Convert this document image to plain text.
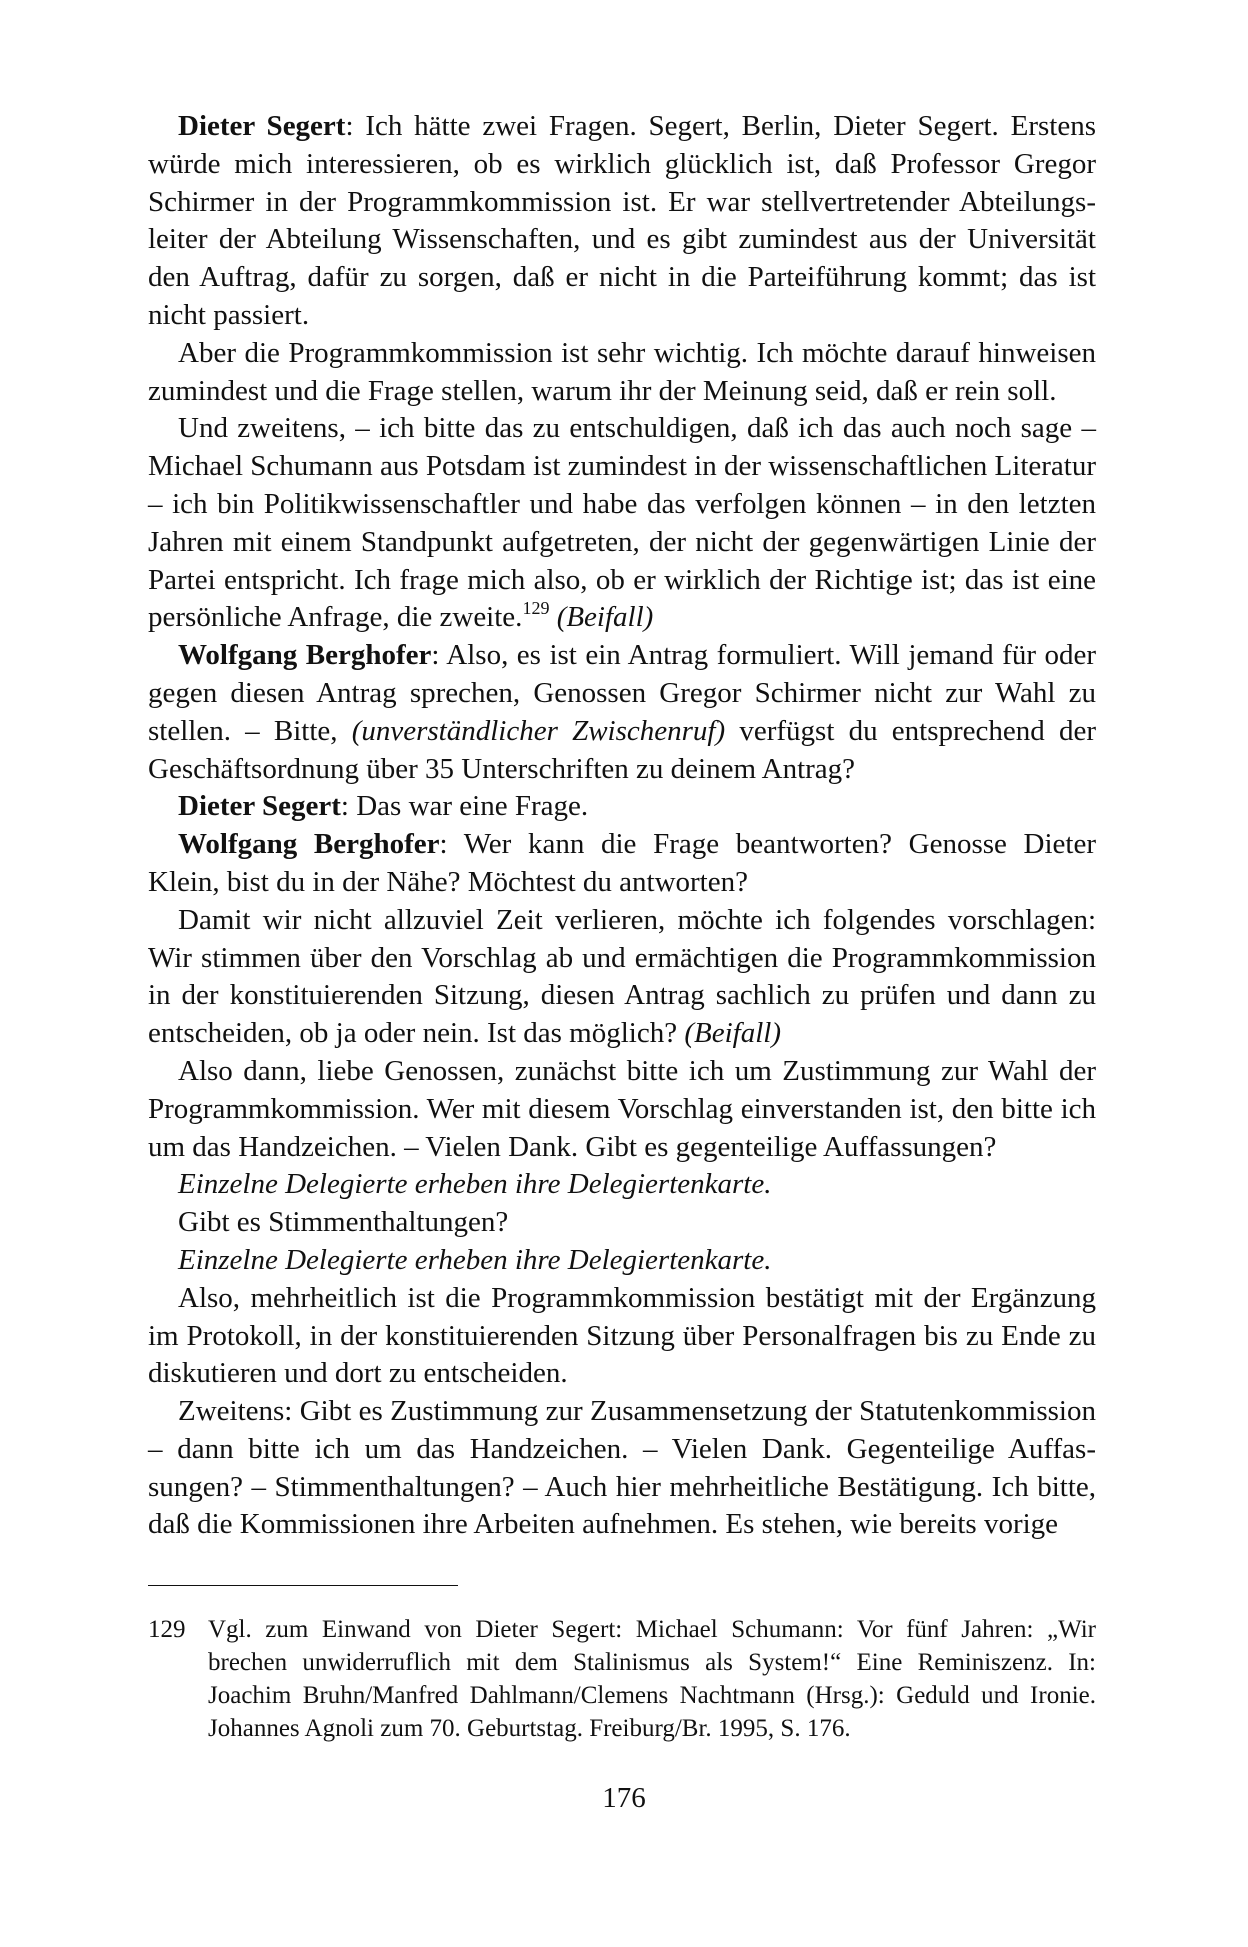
Dieter Segert: Ich hätte zwei Fragen. Segert, Berlin, Dieter Segert. Erstens würde mich interessieren, ob es wirklich glücklich ist, daß Professor Gregor Schirmer in der Programmkommission ist. Er war stellvertretender Abteilungsleiter der Abteilung Wissenschaften, und es gibt zumindest aus der Universität den Auftrag, dafür zu sorgen, daß er nicht in die Parteiführung kommt; das ist nicht passiert.

Aber die Programmkommission ist sehr wichtig. Ich möchte darauf hinweisen zumindest und die Frage stellen, warum ihr der Meinung seid, daß er rein soll.

Und zweitens, – ich bitte das zu entschuldigen, daß ich das auch noch sage – Michael Schumann aus Potsdam ist zumindest in der wissenschaftlichen Literatur – ich bin Politikwissenschaftler und habe das verfolgen können – in den letzten Jahren mit einem Standpunkt aufgetreten, der nicht der gegenwärtigen Linie der Partei entspricht. Ich frage mich also, ob er wirklich der Richtige ist; das ist eine persönliche Anfrage, die zweite.$^{129}$ (Beifall)

Wolfgang Berghofer: Also, es ist ein Antrag formuliert. Will jemand für oder gegen diesen Antrag sprechen, Genossen Gregor Schirmer nicht zur Wahl zu stellen. – Bitte, (unverständlicher Zwischenruf) verfügst du entsprechend der Geschäftsordnung über 35 Unterschriften zu deinem Antrag?

Dieter Segert: Das war eine Frage.

Wolfgang Berghofer: Wer kann die Frage beantworten? Genosse Dieter Klein, bist du in der Nähe? Möchtest du antworten?

Damit wir nicht allzuviel Zeit verlieren, möchte ich folgendes vorschlagen: Wir stimmen über den Vorschlag ab und ermächtigen die Programmkommission in der konstituierenden Sitzung, diesen Antrag sachlich zu prüfen und dann zu entscheiden, ob ja oder nein. Ist das möglich? (Beifall)

Also dann, liebe Genossen, zunächst bitte ich um Zustimmung zur Wahl der Programmkommission. Wer mit diesem Vorschlag einverstanden ist, den bitte ich um das Handzeichen. – Vielen Dank. Gibt es gegenteilige Auffassungen?

Einzelne Delegierte erheben ihre Delegiertenkarte.

Gibt es Stimmenthaltungen?

Einzelne Delegierte erheben ihre Delegiertenkarte.

Also, mehrheitlich ist die Programmkommission bestätigt mit der Ergänzung im Protokoll, in der konstituierenden Sitzung über Personalfragen bis zu Ende zu diskutieren und dort zu entscheiden.

Zweitens: Gibt es Zustimmung zur Zusammensetzung der Statutenkommission – dann bitte ich um das Handzeichen. – Vielen Dank. Gegenteilige Auffassungen? – Stimmenthaltungen? – Auch hier mehrheitliche Bestätigung. Ich bitte, daß die Kommissionen ihre Arbeiten aufnehmen. Es stehen, wie bereits vorige

129 Vgl. zum Einwand von Dieter Segert: Michael Schumann: Vor fünf Jahren: „Wir brechen unwiderruflich mit dem Stalinismus als System!“ Eine Reminiszenz. In: Joachim Bruhn/Manfred Dahlmann/Clemens Nachtmann (Hrsg.): Geduld und Ironie. Johannes Agnoli zum 70. Geburtstag. Freiburg/Br. 1995, S. 176.
176
